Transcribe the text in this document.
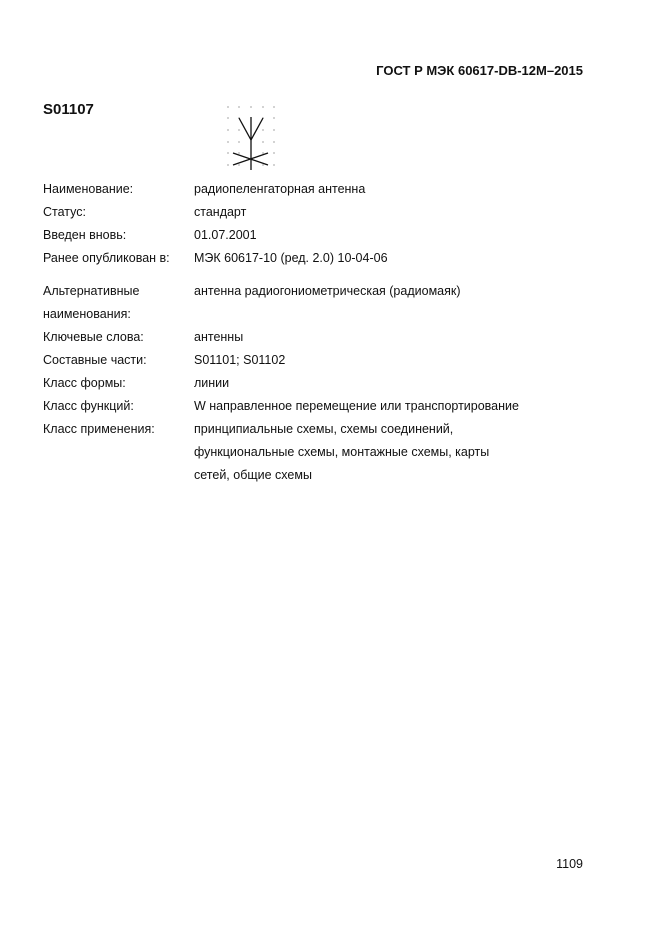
ГОСТ Р МЭК 60617-DB-12M–2015
S01107
Наименование:	радиопеленгаторная антенна
Статус:	стандарт
Введен вновь:	01.07.2001
Ранее опубликован в:	МЭК 60617-10 (ред. 2.0) 10-04-06
Альтернативные	антенна радиогониометрическая (радиомаяк)
наименования:
Ключевые слова:	антенны
Составные части:	S01101; S01102
Класс формы:	линии
Класс функций:	W направленное перемещение или транспортирование
Класс применения:	принципиальные схемы, схемы соединений,
функциональные схемы, монтажные схемы, карты
сетей, общие схемы
1109
